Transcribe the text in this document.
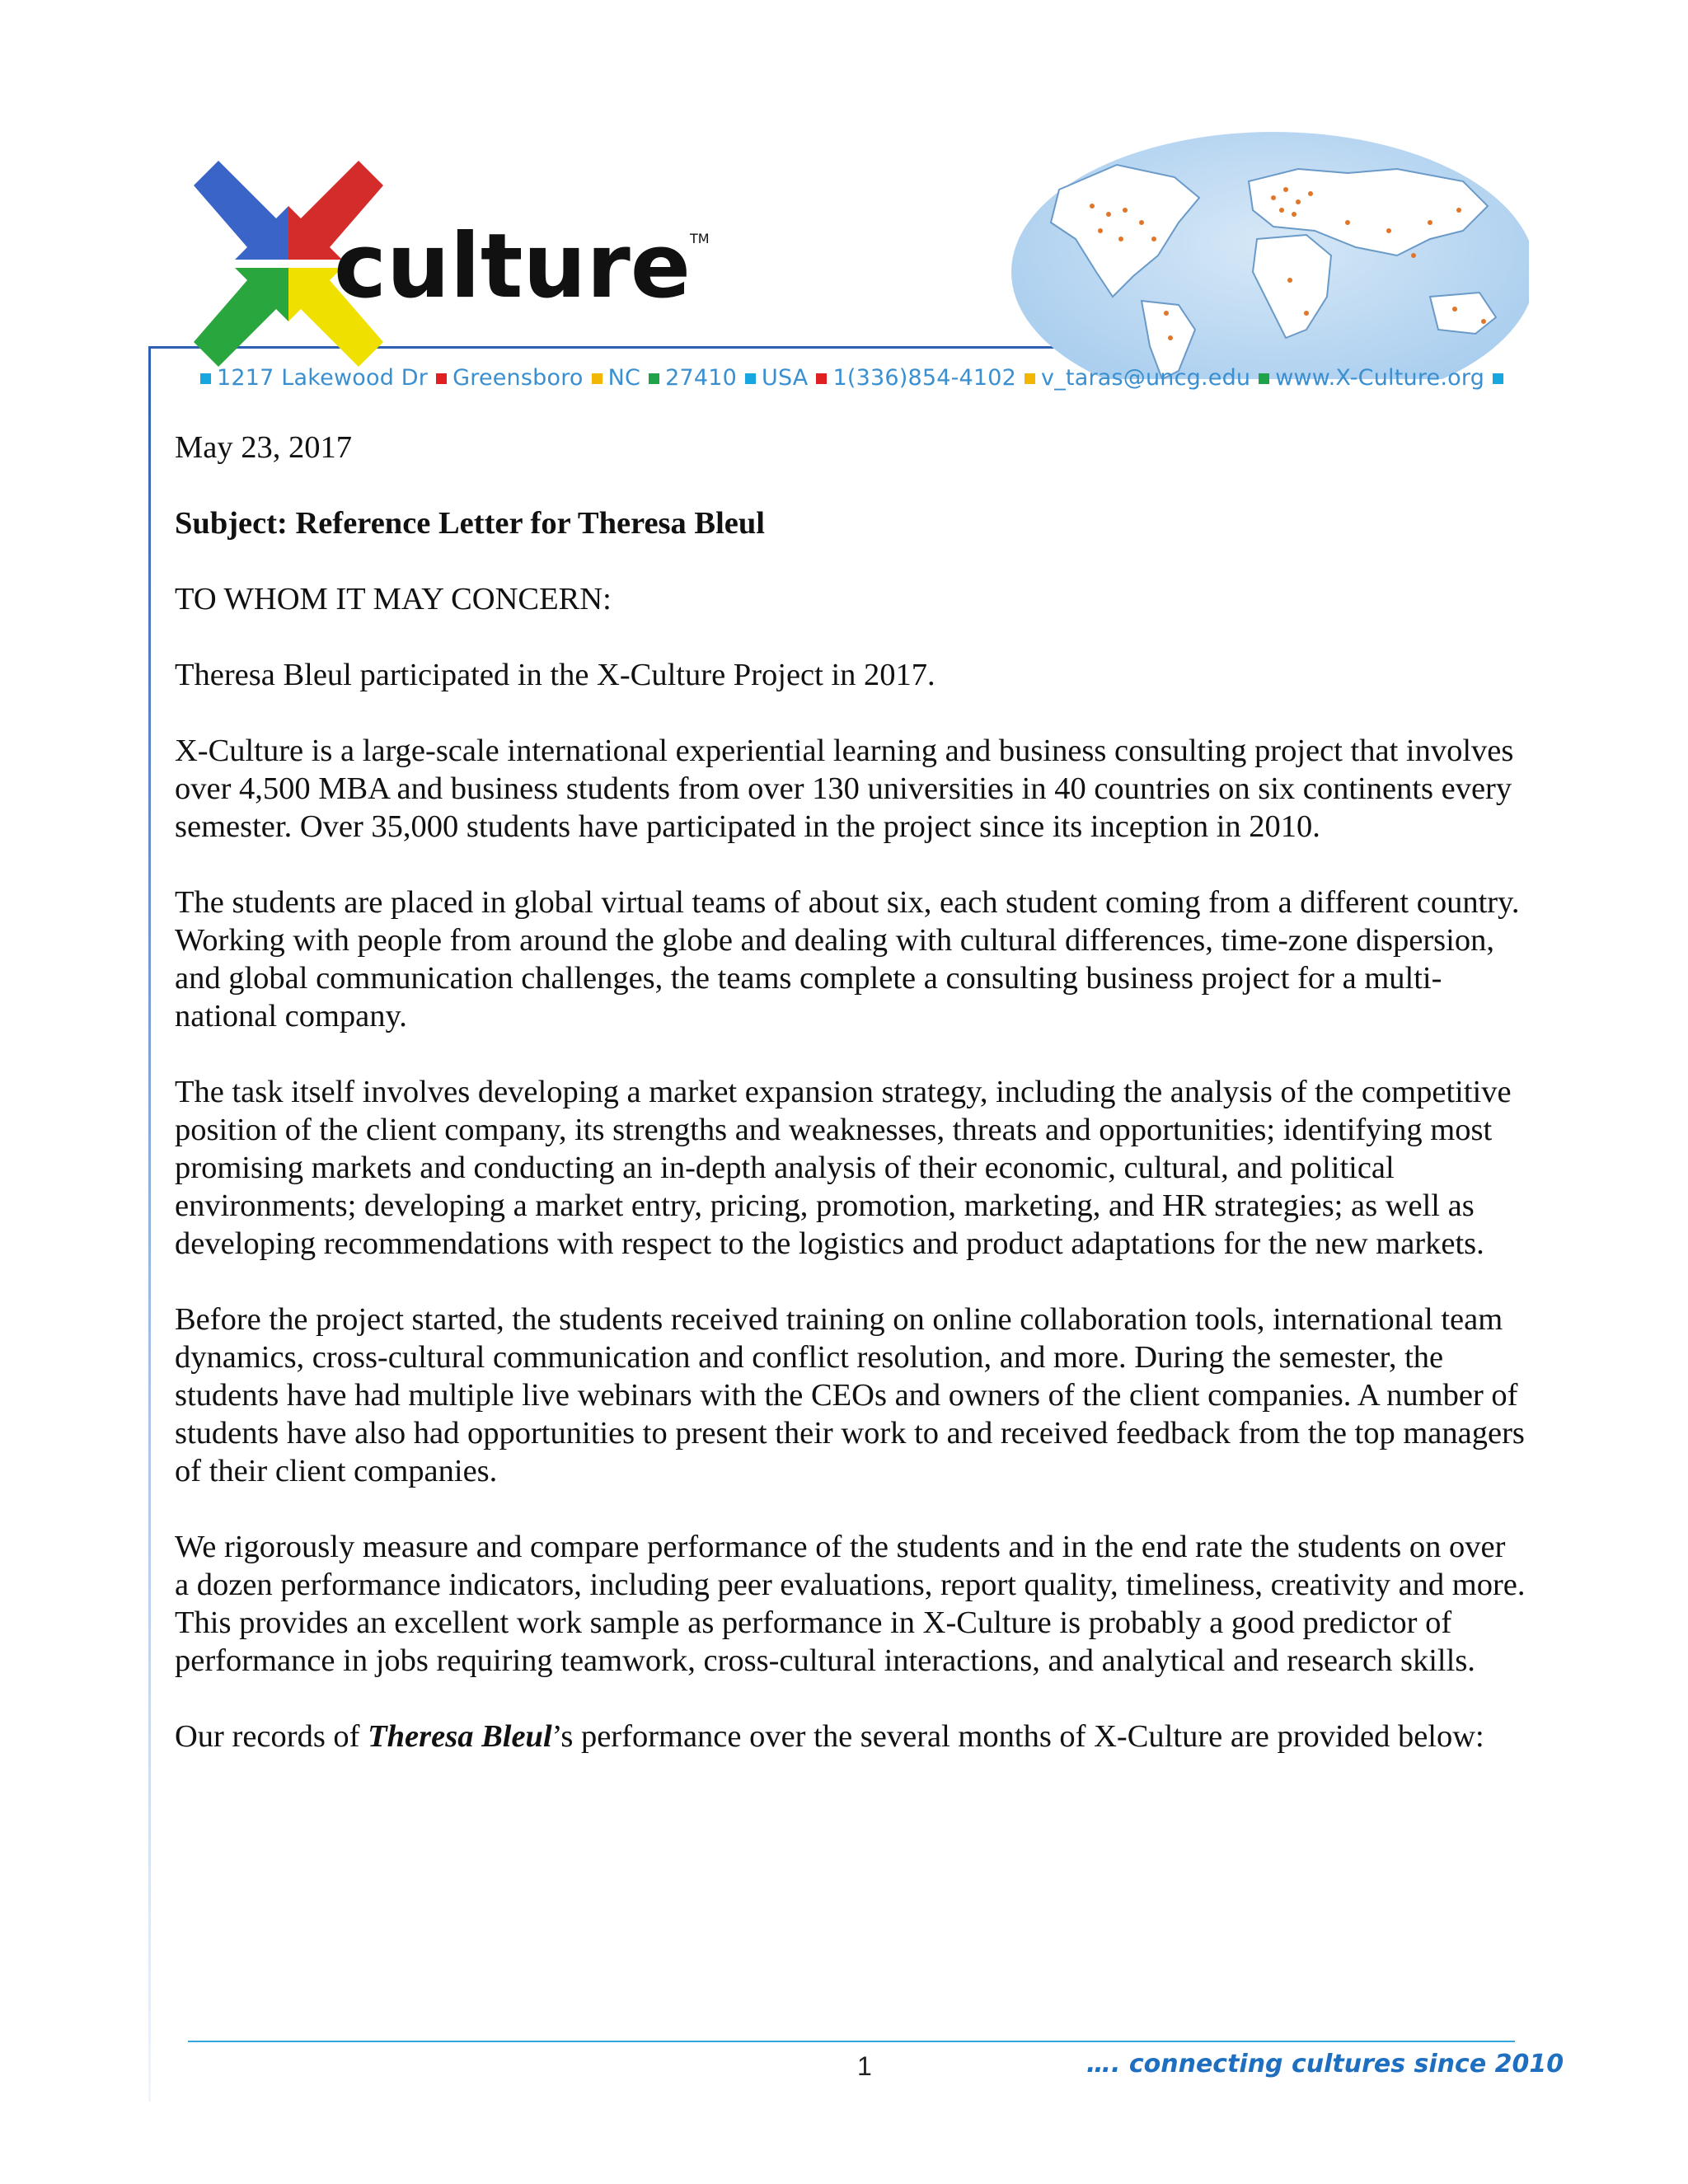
culture TM
1217 Lakewood Dr Greensboro NC 27410 USA 1(336)854-4102 v_taras@uncg.edu www.X-Culture.org

May 23, 2017

Subject: Reference Letter for Theresa Bleul

TO WHOM IT MAY CONCERN:

Theresa Bleul participated in the X-Culture Project in 2017.

X-Culture is a large-scale international experiential learning and business consulting project that involves over 4,500 MBA and business students from over 130 universities in 40 countries on six continents every semester. Over 35,000 students have participated in the project since its inception in 2010.

The students are placed in global virtual teams of about six, each student coming from a different country. Working with people from around the globe and dealing with cultural differences, time-zone dispersion, and global communication challenges, the teams complete a consulting business project for a multi-national company.

The task itself involves developing a market expansion strategy, including the analysis of the competitive position of the client company, its strengths and weaknesses, threats and opportunities; identifying most promising markets and conducting an in-depth analysis of their economic, cultural, and political environments; developing a market entry, pricing, promotion, marketing, and HR strategies; as well as developing recommendations with respect to the logistics and product adaptations for the new markets.

Before the project started, the students received training on online collaboration tools, international team dynamics, cross-cultural communication and conflict resolution, and more. During the semester, the students have had multiple live webinars with the CEOs and owners of the client companies. A number of students have also had opportunities to present their work to and received feedback from the top managers of their client companies.

We rigorously measure and compare performance of the students and in the end rate the students on over a dozen performance indicators, including peer evaluations, report quality, timeliness, creativity and more. This provides an excellent work sample as performance in X-Culture is probably a good predictor of performance in jobs requiring teamwork, cross-cultural interactions, and analytical and research skills.

Our records of Theresa Bleul’s performance over the several months of X-Culture are provided below:

1	…. connecting cultures since 2010
